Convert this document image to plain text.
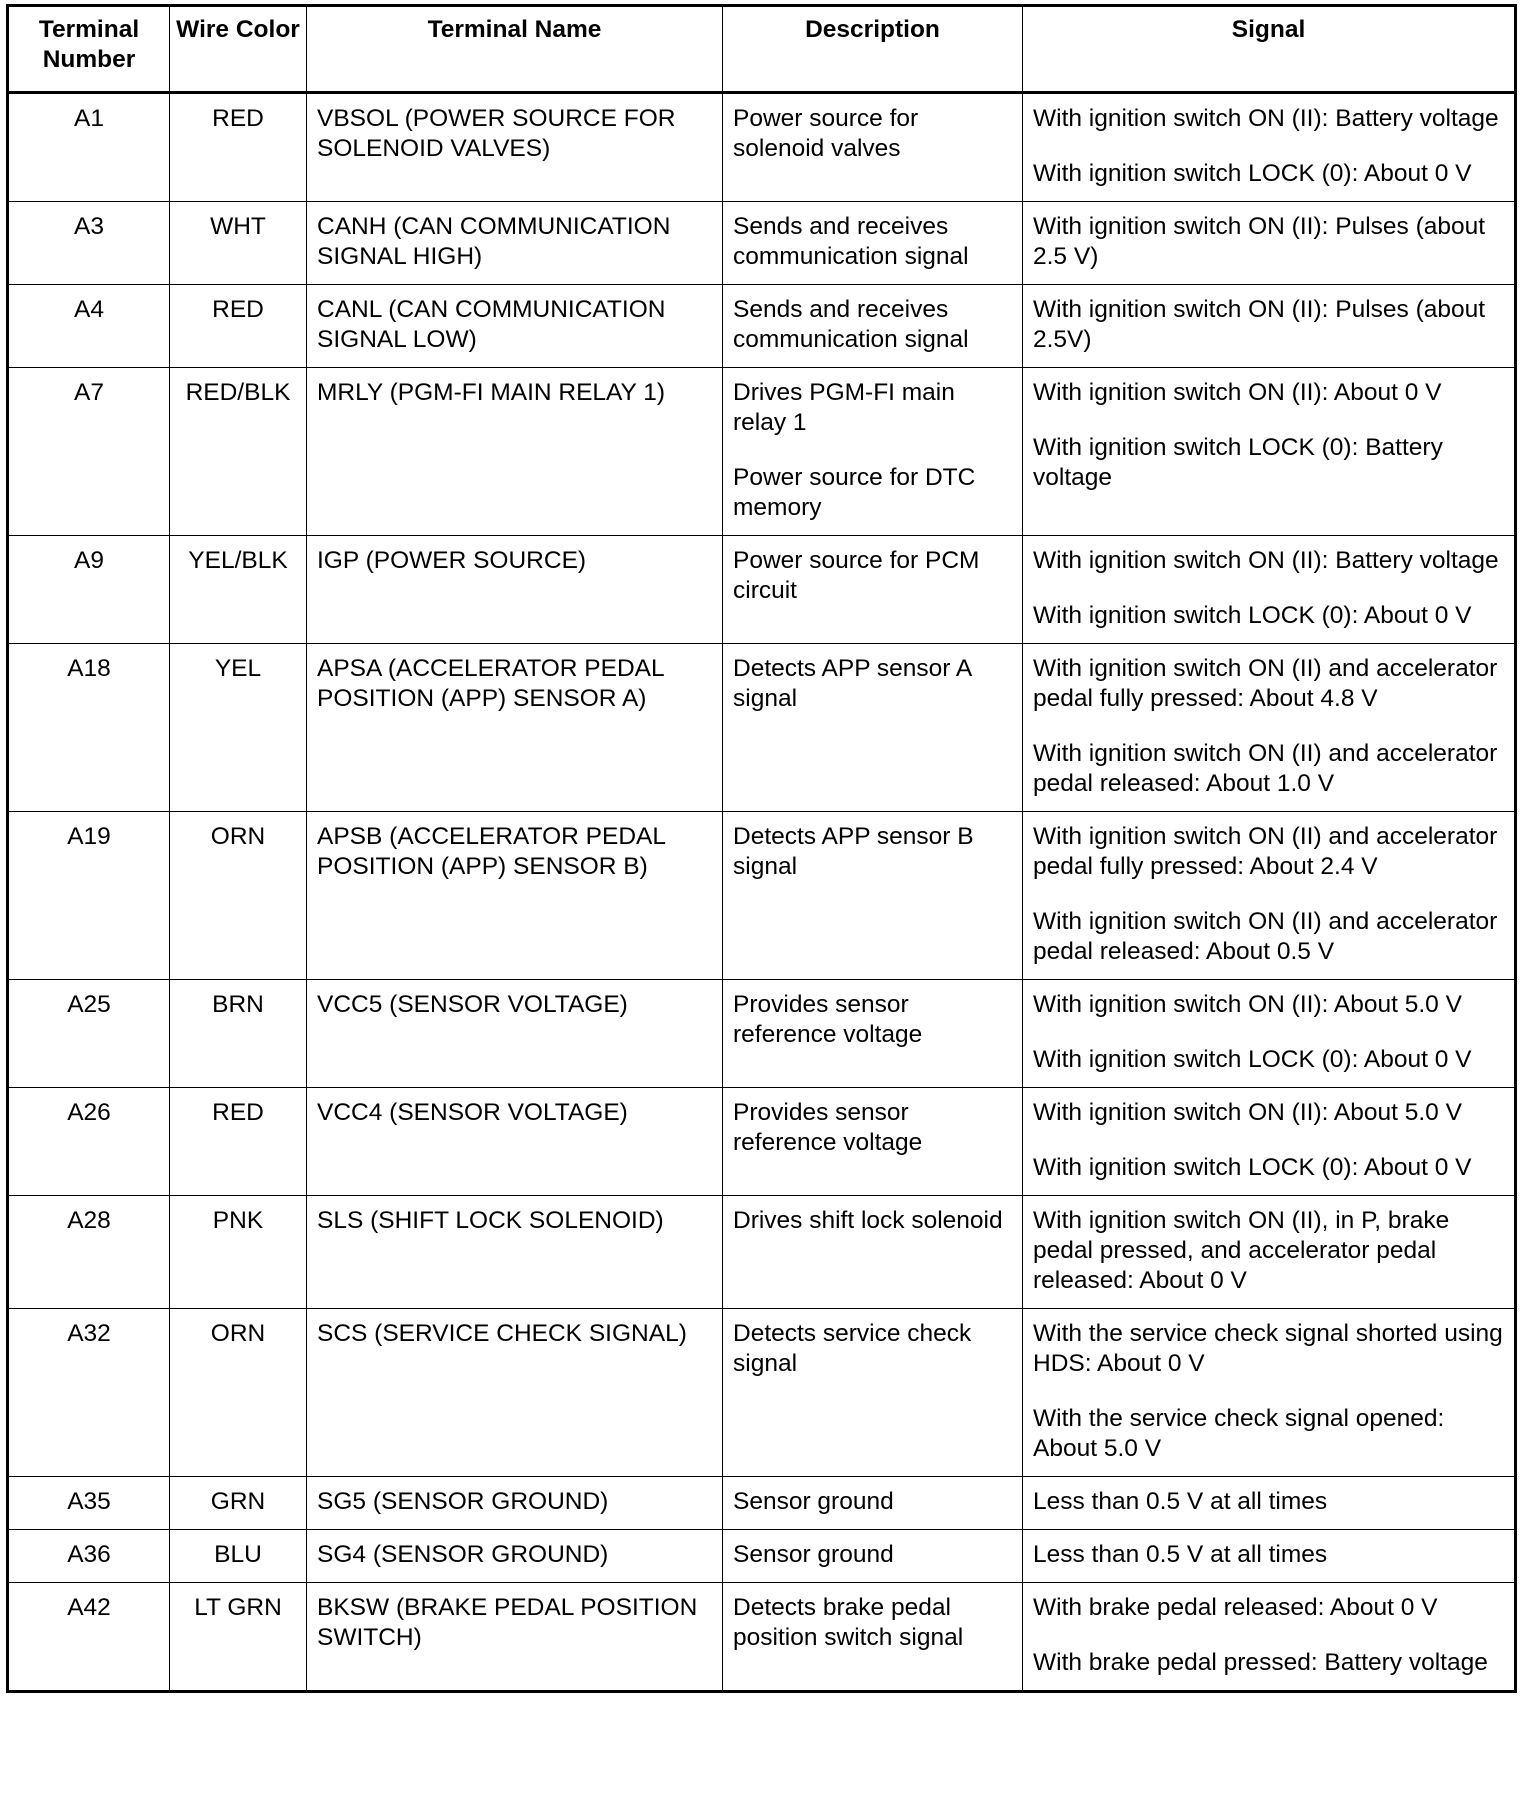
Terminal Number	Wire Color	Terminal Name	Description	Signal
A1	RED	VBSOL (POWER SOURCE FOR SOLENOID VALVES)	Power source for solenoid valves	With ignition switch ON (II): Battery voltage
With ignition switch LOCK (0): About 0 V

A3	WHT	CANH (CAN COMMUNICATION SIGNAL HIGH)	Sends and receives communication signal	With ignition switch ON (II): Pulses (about 2.5 V)

A4	RED	CANL (CAN COMMUNICATION SIGNAL LOW)	Sends and receives communication signal	With ignition switch ON (II): Pulses (about 2.5V)

A7	RED/BLK	MRLY (PGM-FI MAIN RELAY 1)	Drives PGM-FI main relay 1
Power source for DTC memory	With ignition switch ON (II): About 0 V
With ignition switch LOCK (0): Battery voltage

A9	YEL/BLK	IGP (POWER SOURCE)	Power source for PCM circuit	With ignition switch ON (II): Battery voltage
With ignition switch LOCK (0): About 0 V

A18	YEL	APSA (ACCELERATOR PEDAL POSITION (APP) SENSOR A)	Detects APP sensor A signal	With ignition switch ON (II) and accelerator pedal fully pressed: About 4.8 V
With ignition switch ON (II) and accelerator pedal released: About 1.0 V

A19	ORN	APSB (ACCELERATOR PEDAL POSITION (APP) SENSOR B)	Detects APP sensor B signal	With ignition switch ON (II) and accelerator pedal fully pressed: About 2.4 V
With ignition switch ON (II) and accelerator pedal released: About 0.5 V

A25	BRN	VCC5 (SENSOR VOLTAGE)	Provides sensor reference voltage	With ignition switch ON (II): About 5.0 V
With ignition switch LOCK (0): About 0 V

A26	RED	VCC4 (SENSOR VOLTAGE)	Provides sensor reference voltage	With ignition switch ON (II): About 5.0 V
With ignition switch LOCK (0): About 0 V

A28	PNK	SLS (SHIFT LOCK SOLENOID)	Drives shift lock solenoid	With ignition switch ON (II), in P, brake pedal pressed, and accelerator pedal released: About 0 V

A32	ORN	SCS (SERVICE CHECK SIGNAL)	Detects service check signal	With the service check signal shorted using HDS: About 0 V
With the service check signal opened: About 5.0 V

A35	GRN	SG5 (SENSOR GROUND)	Sensor ground	Less than 0.5 V at all times

A36	BLU	SG4 (SENSOR GROUND)	Sensor ground	Less than 0.5 V at all times

A42	LT GRN	BKSW (BRAKE PEDAL POSITION SWITCH)	Detects brake pedal position switch signal	With brake pedal released: About 0 V
With brake pedal pressed: Battery voltage
